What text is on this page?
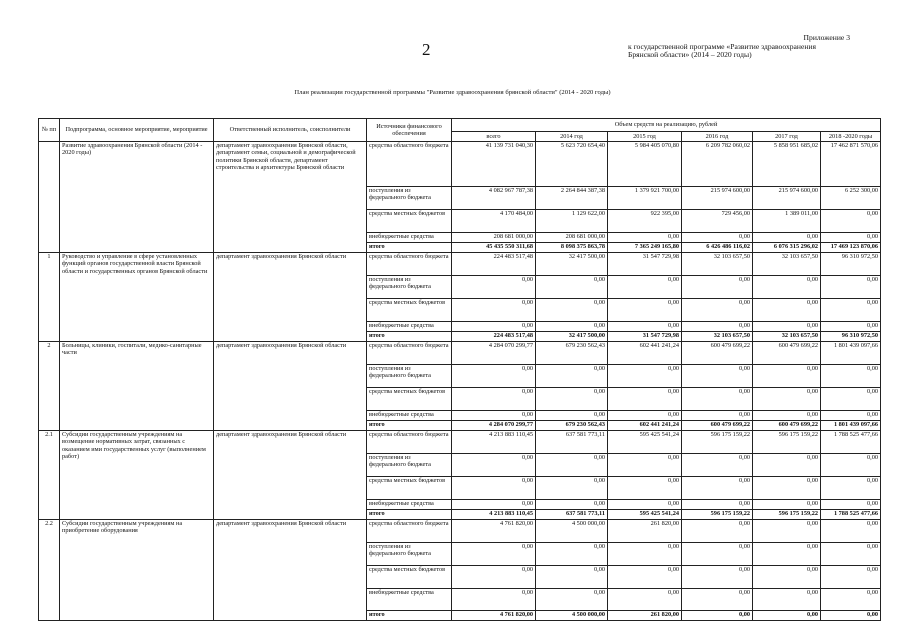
2
Приложение 3
к государственной программе «Развитие здравоохранения
Брянской области» (2014 – 2020 годы)
План реализации государственной программы "Развитие здравоохранения брянской области" (2014 - 2020 годы)
№ пп	Подпрограмма, основное мероприятие, мероприятие	Ответственный исполнитель, соисполнители	Источники финансового обеспечения	Объем средств на реализацию, рублей					
				всего	2014 год	2015 год	2016 год	2017 год	2018 -2020 годы
	Развитие здравоохранения Брянской области (2014 - 2020 годы)	департамент здравоохранения Брянской области, департамент семьи, социальной и демографической политики Брянской области, департамент строительства и архитектуры Брянской области	средства областного бюджета	41 139 731 040,30	5 623 720 654,40	5 984 405 070,80	6 209 782 060,02	5 858 951 685,02	17 462 871 570,06
			поступления из федерального бюджета	4 082 967 787,38	2 264 844 387,38	1 379 921 700,00	215 974 600,00	215 974 600,00	6 252 300,00
			средства местных бюджетов	4 170 484,00	1 129 622,00	922 395,00	729 456,00	1 389 011,00	0,00
			внебюджетные средства	208 681 000,00	208 681 000,00	0,00	0,00	0,00	0,00
			итого	45 435 550 311,68	8 098 375 863,78	7 365 249 165,80	6 426 486 116,02	6 076 315 296,02	17 469 123 870,06
1	Руководство и управление в сфере установленных функций органов государственной власти Брянской области и государственных органов Брянской области	департамент здравоохранения Брянской области	средства областного бюджета	224 483 517,48	32 417 500,00	31 547 729,98	32 103 657,50	32 103 657,50	96 310 972,50
			поступления из федерального бюджета	0,00	0,00	0,00	0,00	0,00	0,00
			средства местных бюджетов	0,00	0,00	0,00	0,00	0,00	0,00
			внебюджетные средства	0,00	0,00	0,00	0,00	0,00	0,00
			итого	224 483 517,48	32 417 500,00	31 547 729,98	32 103 657,50	32 103 657,50	96 310 972,50
2	Больницы, клиники, госпитали, медико-санитарные части	департамент здравоохранения Брянской области	средства областного бюджета	4 284 070 299,77	679 230 562,43	602 441 241,24	600 479 699,22	600 479 699,22	1 801 439 097,66
			поступления из федерального бюджета	0,00	0,00	0,00	0,00	0,00	0,00
			средства местных бюджетов	0,00	0,00	0,00	0,00	0,00	0,00
			внебюджетные средства	0,00	0,00	0,00	0,00	0,00	0,00
			итого	4 284 070 299,77	679 230 562,43	602 441 241,24	600 479 699,22	600 479 699,22	1 801 439 097,66
2.1	Субсидии государственным учреждениям на возмещение нормативных затрат, связанных с оказанием ими государственных услуг (выполнением работ)	департамент здравоохранения Брянской области	средства областного бюджета	4 213 883 110,45	637 581 773,11	595 425 541,24	596 175 159,22	596 175 159,22	1 788 525 477,66
			поступления из федерального бюджета	0,00	0,00	0,00	0,00	0,00	0,00
			средства местных бюджетов	0,00	0,00	0,00	0,00	0,00	0,00
			внебюджетные средства	0,00	0,00	0,00	0,00	0,00	0,00
			итого	4 213 883 110,45	637 581 773,11	595 425 541,24	596 175 159,22	596 175 159,22	1 788 525 477,66
2.2	Субсидии государственным учреждениям на приобретение оборудования	департамент здравоохранения Брянской области	средства областного бюджета	4 761 820,00	4 500 000,00	261 820,00	0,00	0,00	0,00
			поступления из федерального бюджета	0,00	0,00	0,00	0,00	0,00	0,00
			средства местных бюджетов	0,00	0,00	0,00	0,00	0,00	0,00
			внебюджетные средства	0,00	0,00	0,00	0,00	0,00	0,00
			итого	4 761 820,00	4 500 000,00	261 820,00	0,00	0,00	0,00
